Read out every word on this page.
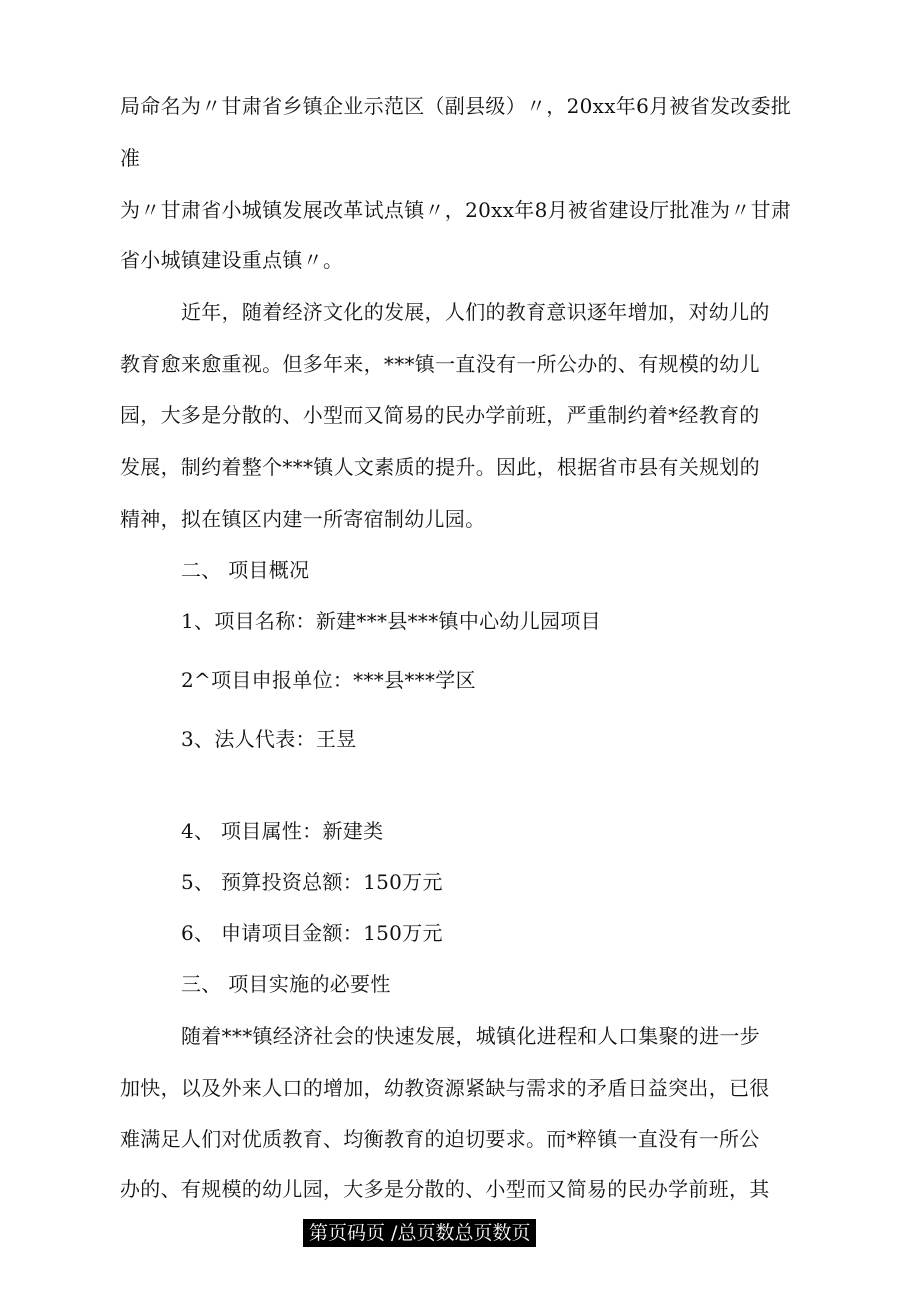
局命名为〃甘肃省乡镇企业示范区（副县级）〃，20xx年6月被省发改委批
准
为〃甘肃省小城镇发展改革试点镇〃，20xx年8月被省建设厅批准为〃甘肃
省小城镇建设重点镇〃。
近年，随着经济文化的发展，人们的教育意识逐年增加，对幼儿的
教育愈来愈重视。但多年来，***镇一直没有一所公办的、有规模的幼儿
园，大多是分散的、小型而又简易的民办学前班，严重制约着*经教育的
发展，制约着整个***镇人文素质的提升。因此，根据省市县有关规划的
精神，拟在镇区内建一所寄宿制幼儿园。
二、 项目概况
1、项目名称：新建***县***镇中心幼儿园项目
2^项目申报单位：***县***学区
3、法人代表：王昱
4、 项目属性：新建类
5、 预算投资总额：150万元
6、 申请项目金额：150万元
三、 项目实施的必要性
随着***镇经济社会的快速发展，城镇化进程和人口集聚的进一步
加快，以及外来人口的增加，幼教资源紧缺与需求的矛盾日益突出，已很
难满足人们对优质教育、均衡教育的迫切要求。而*粹镇一直没有一所公
办的、有规模的幼儿园，大多是分散的、小型而又简易的民办学前班，其
第页码页 /总页数总页数页
